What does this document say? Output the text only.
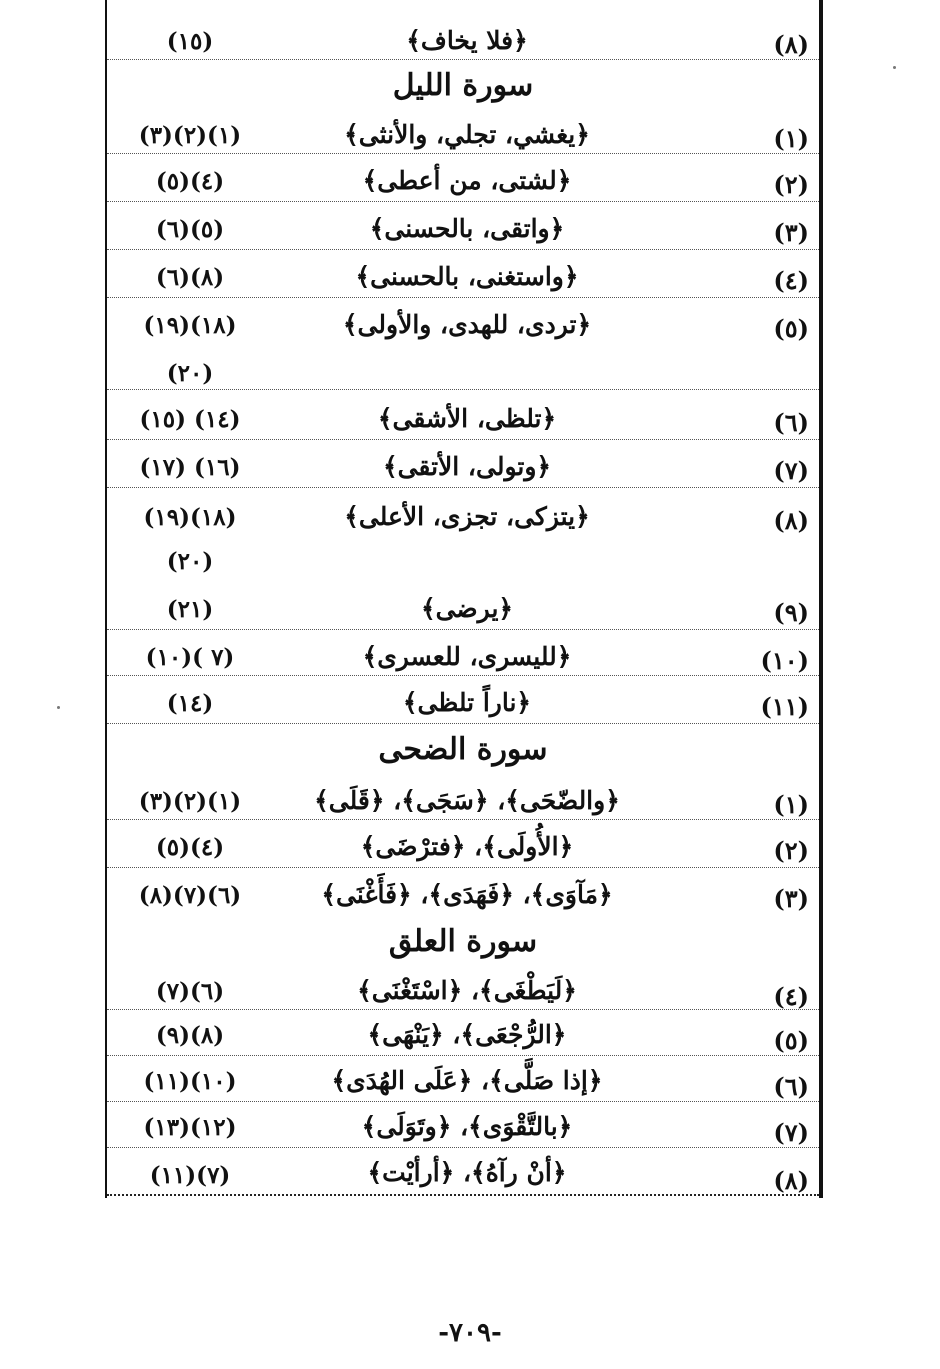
(٨)
﴿فلا يخاف﴾
(١٥)
سورة الليل
(١)
﴿يغشي، تجلي، والأنثى﴾
(١)(٢)(٣)
(٢)
﴿لشتى، من أعطى﴾
(٤)(٥)
(٣)
﴿واتقى، بالحسنى﴾
(٥)(٦)
(٤)
﴿واستغنى، بالحسنى﴾
(٨)(٦)
(٥)
﴿تردى، للهدى، والأولى﴾
(١٨)(١٩)
(٢٠)
(٦)
﴿تلظى، الأشقى﴾
(١٤) (١٥)
(٧)
﴿وتولى، الأتقى﴾
(١٦) (١٧)
(٨)
﴿يتزكى، تجزى، الأعلى﴾
(١٨)(١٩)
(٢٠)
(٩)
﴿يرضى﴾
(٢١)
(١٠)
﴿لليسرى، للعسرى﴾
(٧ )(١٠)
(١١)
﴿ناراً تلظى﴾
(١٤)
سورة الضحى
(١)
﴿والضّحَى﴾، ﴿سَجَى﴾، ﴿قَلَى﴾
(١)(٢)(٣)
(٢)
﴿الأُولَى﴾، ﴿فترْضَى﴾
(٤)(٥)
(٣)
﴿مَآوَى﴾، ﴿فَهَدَى﴾، ﴿فَأَغْنَى﴾
(٦)(٧)(٨)
سورة العلق
(٤)
﴿لَيَطْغَى﴾، ﴿اسْتَغْنَى﴾
(٦)(٧)
(٥)
﴿الرُّجْعَى﴾، ﴿يَنْهَى﴾
(٨)(٩)
(٦)
﴿إذا صَلَّى﴾، ﴿عَلَى الهُدَى﴾
(١٠)(١١)
(٧)
﴿بالتَّقْوَى﴾، ﴿وتَوَلَى﴾
(١٢)(١٣)
(٨)
﴿أنْ رآهُ﴾، ﴿أرأيْت﴾
(٧)(١١)
-٧٠٩-
